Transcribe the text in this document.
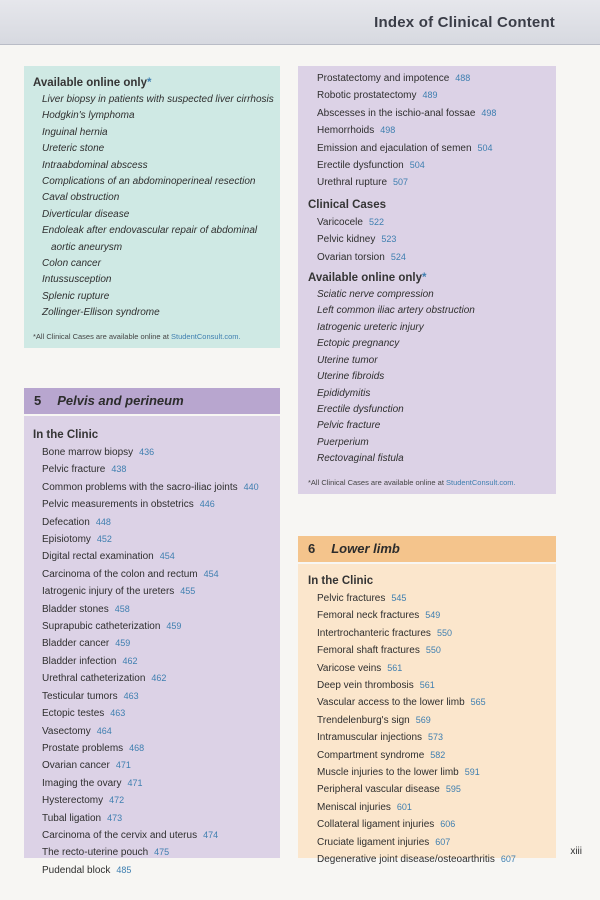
Index of Clinical Content
Available online only *
Liver biopsy in patients with suspected liver cirrhosis
Hodgkin's lymphoma
Inguinal hernia
Ureteric stone
Intraabdominal abscess
Complications of an abdominoperineal resection
Caval obstruction
Diverticular disease
Endoleak after endovascular repair of abdominal
aortic aneurysm
Colon cancer
Intussusception
Splenic rupture
Zollinger-Ellison syndrome
*All Clinical Cases are available online at StudentConsult.com.
5 Pelvis and perineum
In the Clinic
Bone marrow biopsy 436
Pelvic fracture 438
Common problems with the sacro-iliac joints 440
Pelvic measurements in obstetrics 446
Defecation 448
Episiotomy 452
Digital rectal examination 454
Carcinoma of the colon and rectum 454
Iatrogenic injury of the ureters 455
Bladder stones 458
Suprapubic catheterization 459
Bladder cancer 459
Bladder infection 462
Urethral catheterization 462
Testicular tumors 463
Ectopic testes 463
Vasectomy 464
Prostate problems 468
Ovarian cancer 471
Imaging the ovary 471
Hysterectomy 472
Tubal ligation 473
Carcinoma of the cervix and uterus 474
The recto-uterine pouch 475
Pudendal block 485
Prostatectomy and impotence 488
Robotic prostatectomy 489
Abscesses in the ischio-anal fossae 498
Hemorrhoids 498
Emission and ejaculation of semen 504
Erectile dysfunction 504
Urethral rupture 507
Clinical Cases
Varicocele 522
Pelvic kidney 523
Ovarian torsion 524
Available online only *
Sciatic nerve compression
Left common iliac artery obstruction
Iatrogenic ureteric injury
Ectopic pregnancy
Uterine tumor
Uterine fibroids
Epididymitis
Erectile dysfunction
Pelvic fracture
Puerperium
Rectovaginal fistula
*All Clinical Cases are available online at StudentConsult.com.
6 Lower limb
In the Clinic
Pelvic fractures 545
Femoral neck fractures 549
Intertrochanteric fractures 550
Femoral shaft fractures 550
Varicose veins 561
Deep vein thrombosis 561
Vascular access to the lower limb 565
Trendelenburg's sign 569
Intramuscular injections 573
Compartment syndrome 582
Muscle injuries to the lower limb 591
Peripheral vascular disease 595
Meniscal injuries 601
Collateral ligament injuries 606
Cruciate ligament injuries 607
Degenerative joint disease/osteoarthritis 607
xiii
